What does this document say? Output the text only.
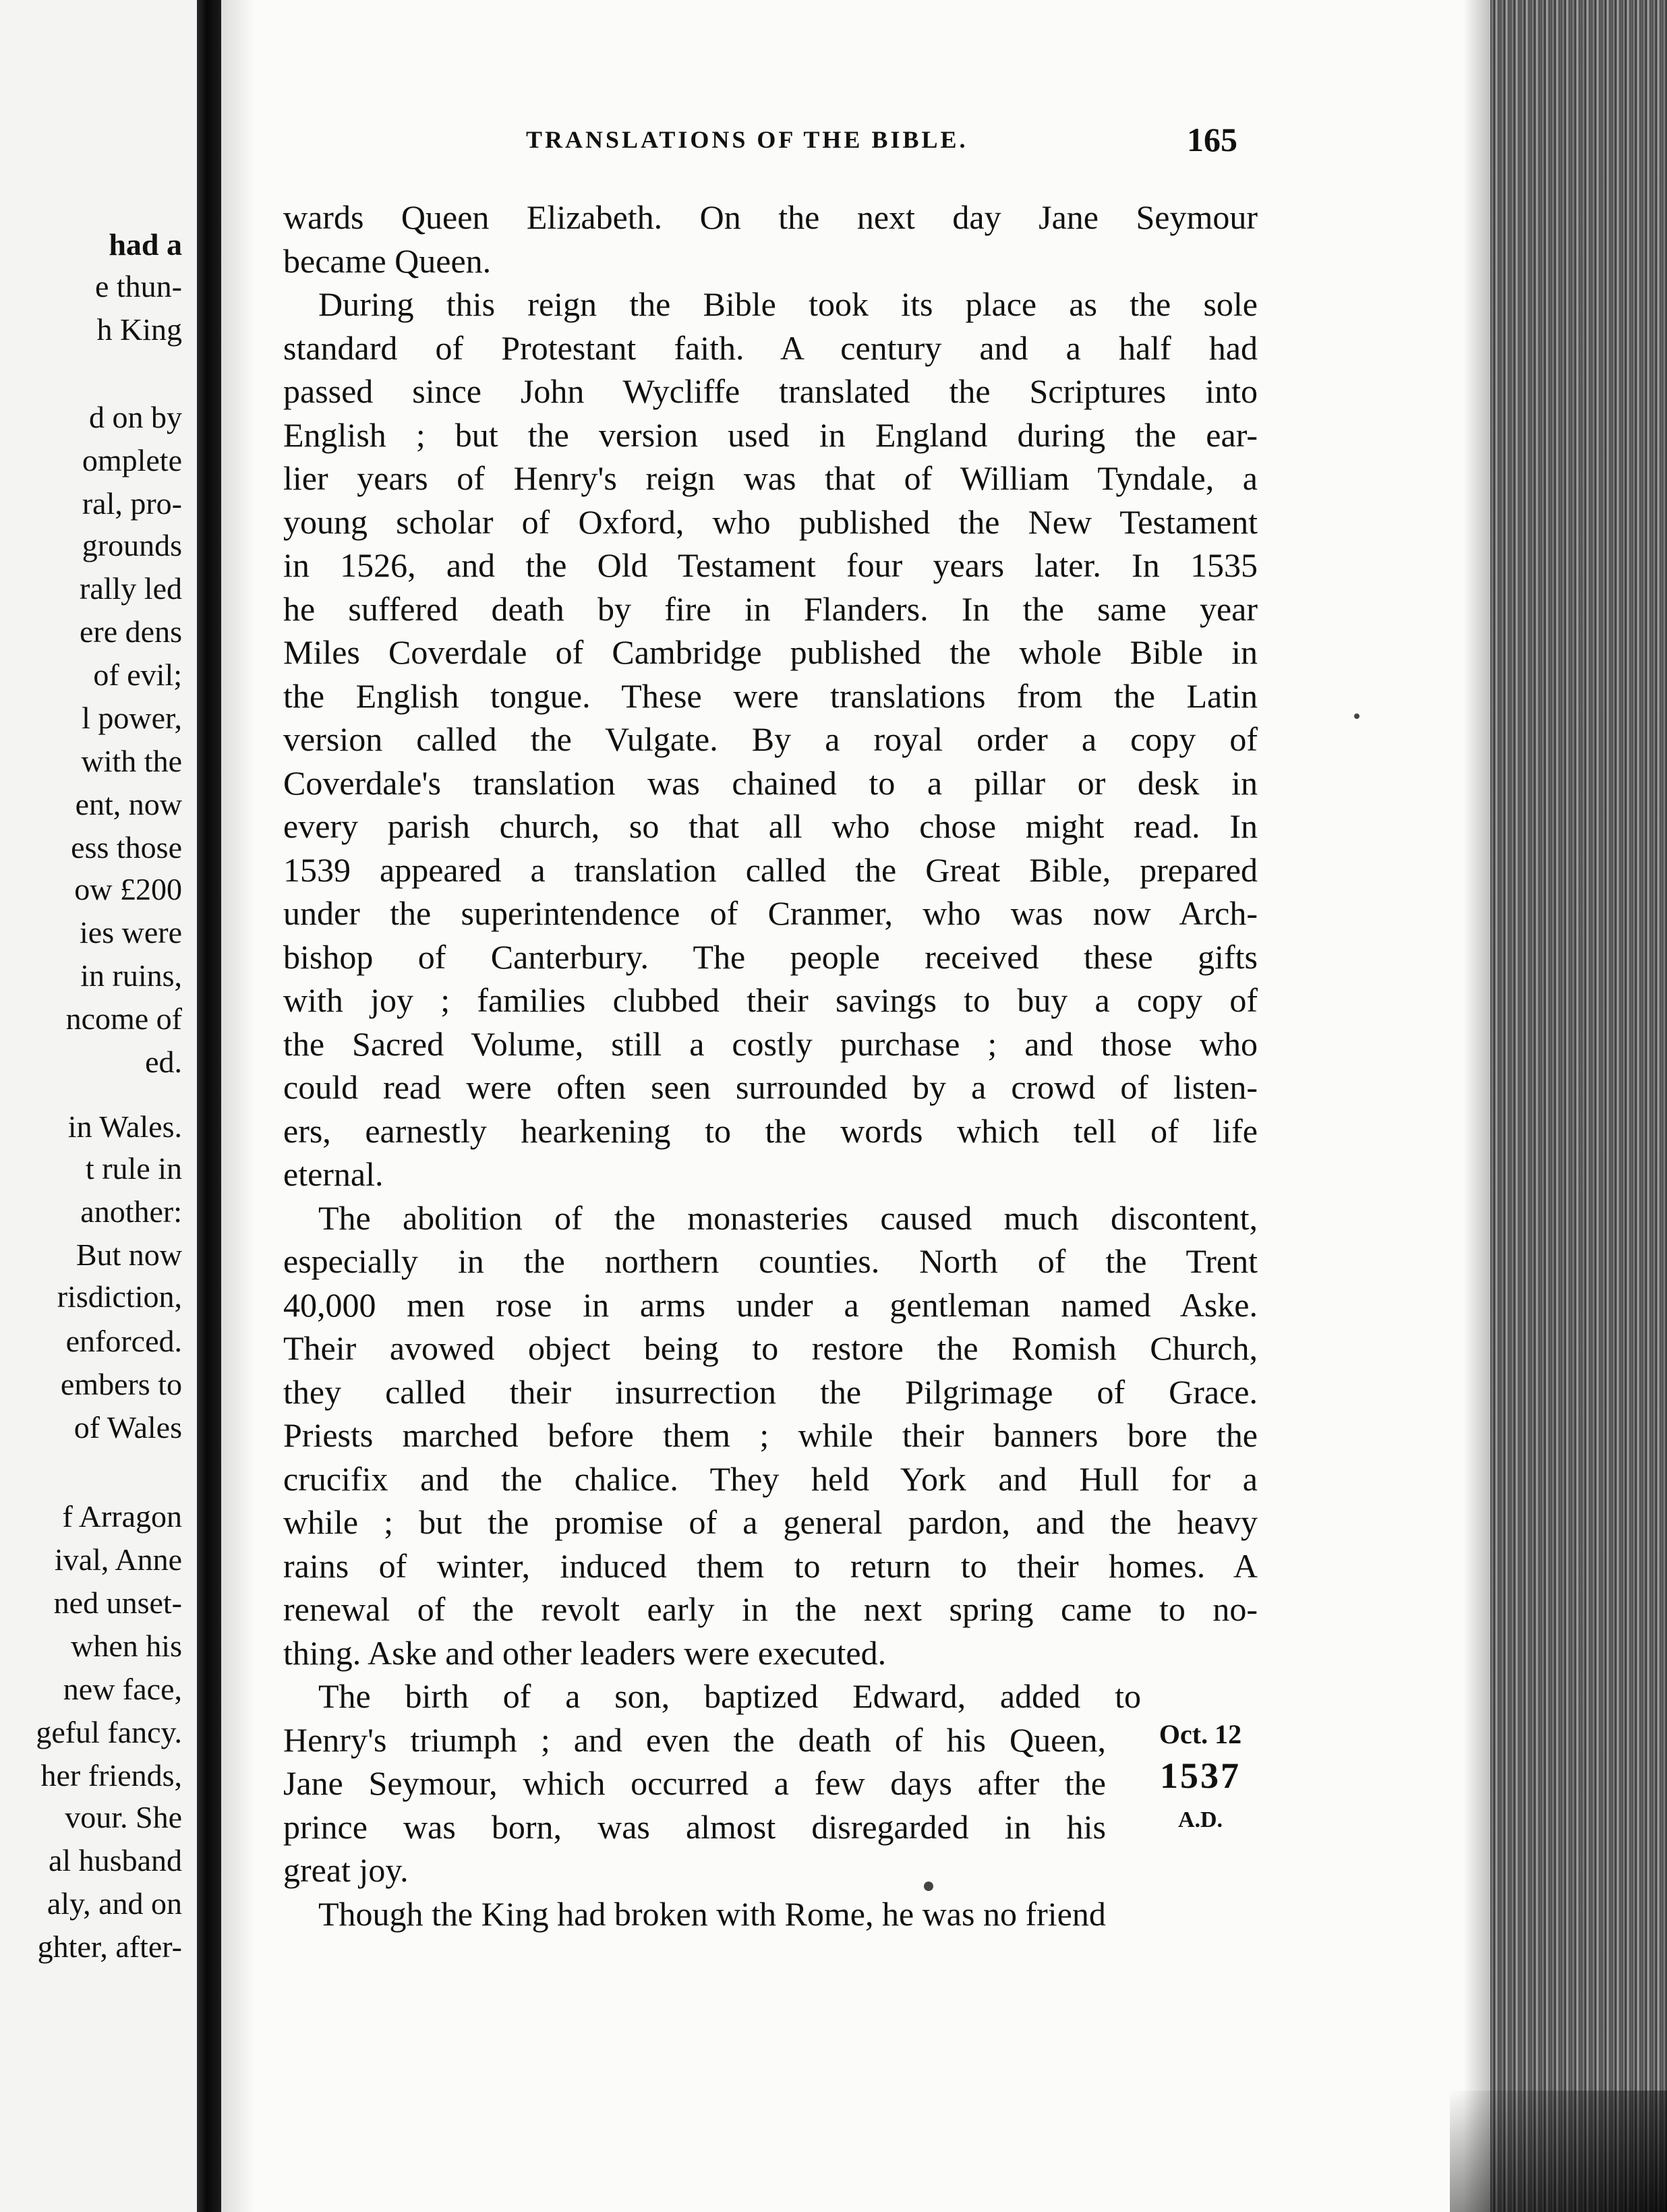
had a
e thun-
h King
d on by
omplete
ral, pro-
grounds
rally led
ere dens
of evil;
l power,
with the
ent, now
ess those
ow £200
ies were
in ruins,
ncome of
ed.
in Wales.
t rule in
another:
But now
risdiction,
enforced.
embers to
of Wales
f Arragon
ival, Anne
ned unset-
when his
new face,
geful fancy.
her friends,
vour. She
al husband
aly, and on
ghter, after-
TRANSLATIONS OF THE BIBLE.	165
wards Queen Elizabeth. On the next day Jane Seymour
became Queen.
During this reign the Bible took its place as the sole
standard of Protestant faith. A century and a half had
passed since John Wycliffe translated the Scriptures into
English ; but the version used in England during the ear-
lier years of Henry's reign was that of William Tyndale, a
young scholar of Oxford, who published the New Testament
in 1526, and the Old Testament four years later. In 1535
he suffered death by fire in Flanders. In the same year
Miles Coverdale of Cambridge published the whole Bible in
the English tongue. These were translations from the Latin
version called the Vulgate. By a royal order a copy of
Coverdale's translation was chained to a pillar or desk in
every parish church, so that all who chose might read. In
1539 appeared a translation called the Great Bible, prepared
under the superintendence of Cranmer, who was now Arch-
bishop of Canterbury. The people received these gifts
with joy ; families clubbed their savings to buy a copy of
the Sacred Volume, still a costly purchase ; and those who
could read were often seen surrounded by a crowd of listen-
ers, earnestly hearkening to the words which tell of life
eternal.
The abolition of the monasteries caused much discontent,
especially in the northern counties. North of the Trent
40,000 men rose in arms under a gentleman named Aske.
Their avowed object being to restore the Romish Church,
they called their insurrection the Pilgrimage of Grace.
Priests marched before them ; while their banners bore the
crucifix and the chalice. They held York and Hull for a
while ; but the promise of a general pardon, and the heavy
rains of winter, induced them to return to their homes. A
renewal of the revolt early in the next spring came to no-
thing. Aske and other leaders were executed.
The birth of a son, baptized Edward, added to
Henry's triumph ; and even the death of his Queen,
Jane Seymour, which occurred a few days after the
prince was born, was almost disregarded in his
great joy.
Though the King had broken with Rome, he was no friend
Oct. 12
1537
A.D.
